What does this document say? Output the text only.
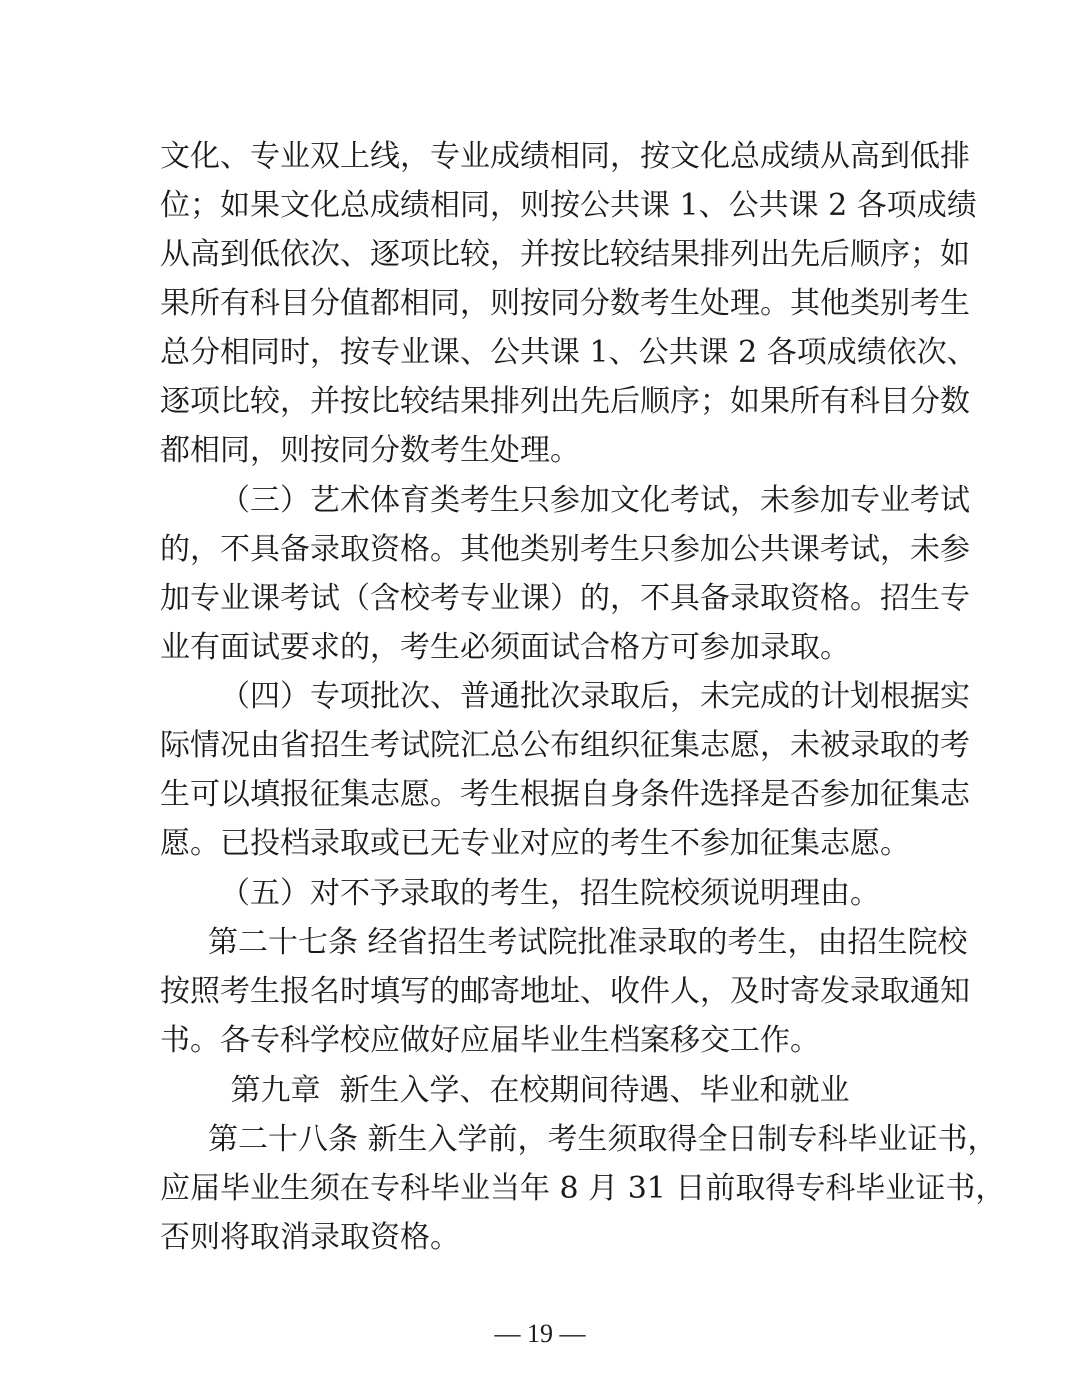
文化、专业双上线，专业成绩相同，按文化总成绩从高到低排
位；如果文化总成绩相同，则按公共课 1、公共课 2 各项成绩
从高到低依次、逐项比较，并按比较结果排列出先后顺序；如
果所有科目分值都相同，则按同分数考生处理。其他类别考生
总分相同时，按专业课、公共课 1、公共课 2 各项成绩依次、
逐项比较，并按比较结果排列出先后顺序；如果所有科目分数
都相同，则按同分数考生处理。
（三）艺术体育类考生只参加文化考试，未参加专业考试
的，不具备录取资格。其他类别考生只参加公共课考试，未参
加专业课考试（含校考专业课）的，不具备录取资格。招生专
业有面试要求的，考生必须面试合格方可参加录取。
（四）专项批次、普通批次录取后，未完成的计划根据实
际情况由省招生考试院汇总公布组织征集志愿，未被录取的考
生可以填报征集志愿。考生根据自身条件选择是否参加征集志
愿。已投档录取或已无专业对应的考生不参加征集志愿。
（五）对不予录取的考生，招生院校须说明理由。
第二十七条 经省招生考试院批准录取的考生，由招生院校
按照考生报名时填写的邮寄地址、收件人，及时寄发录取通知
书。各专科学校应做好应届毕业生档案移交工作。
第九章  新生入学、在校期间待遇、毕业和就业
第二十八条 新生入学前，考生须取得全日制专科毕业证书，
应届毕业生须在专科毕业当年 8 月 31 日前取得专科毕业证书，
否则将取消录取资格。
— 19 —
